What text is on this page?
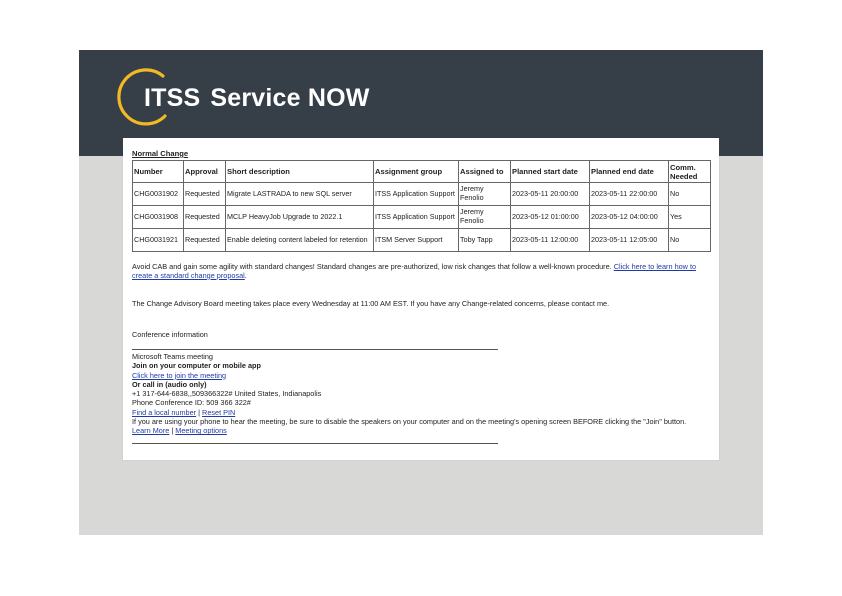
ITSS Service NOW
Normal Change
Number	Approval	Short description	Assignment group	Assigned to	Planned start date	Planned end date	Comm. Needed
CHG0031902	Requested	Migrate LASTRADA to new SQL server	ITSS Application Support	Jeremy Fenolio	2023-05-11 20:00:00	2023-05-11 22:00:00	No
CHG0031908	Requested	MCLP HeavyJob Upgrade to 2022.1	ITSS Application Support	Jeremy Fenolio	2023-05-12 01:00:00	2023-05-12 04:00:00	Yes
CHG0031921	Requested	Enable deleting content labeled for retention	ITSM Server Support	Toby Tapp	2023-05-11 12:00:00	2023-05-11 12:05:00	No
Avoid CAB and gain some agility with standard changes! Standard changes are pre-authorized, low risk changes that follow a well-known procedure. Click here to learn how to create a standard change proposal.
The Change Advisory Board meeting takes place every Wednesday at 11:00 AM EST. If you have any Change-related concerns, please contact me.
Conference information
Microsoft Teams meeting
Join on your computer or mobile app
Click here to join the meeting
Or call in (audio only)
+1 317-644-6838,,509366322# United States, Indianapolis
Phone Conference ID: 509 366 322#
Find a local number | Reset PIN
If you are using your phone to hear the meeting, be sure to disable the speakers on your computer and on the meeting's opening screen BEFORE clicking the "Join" button.
Learn More | Meeting options
